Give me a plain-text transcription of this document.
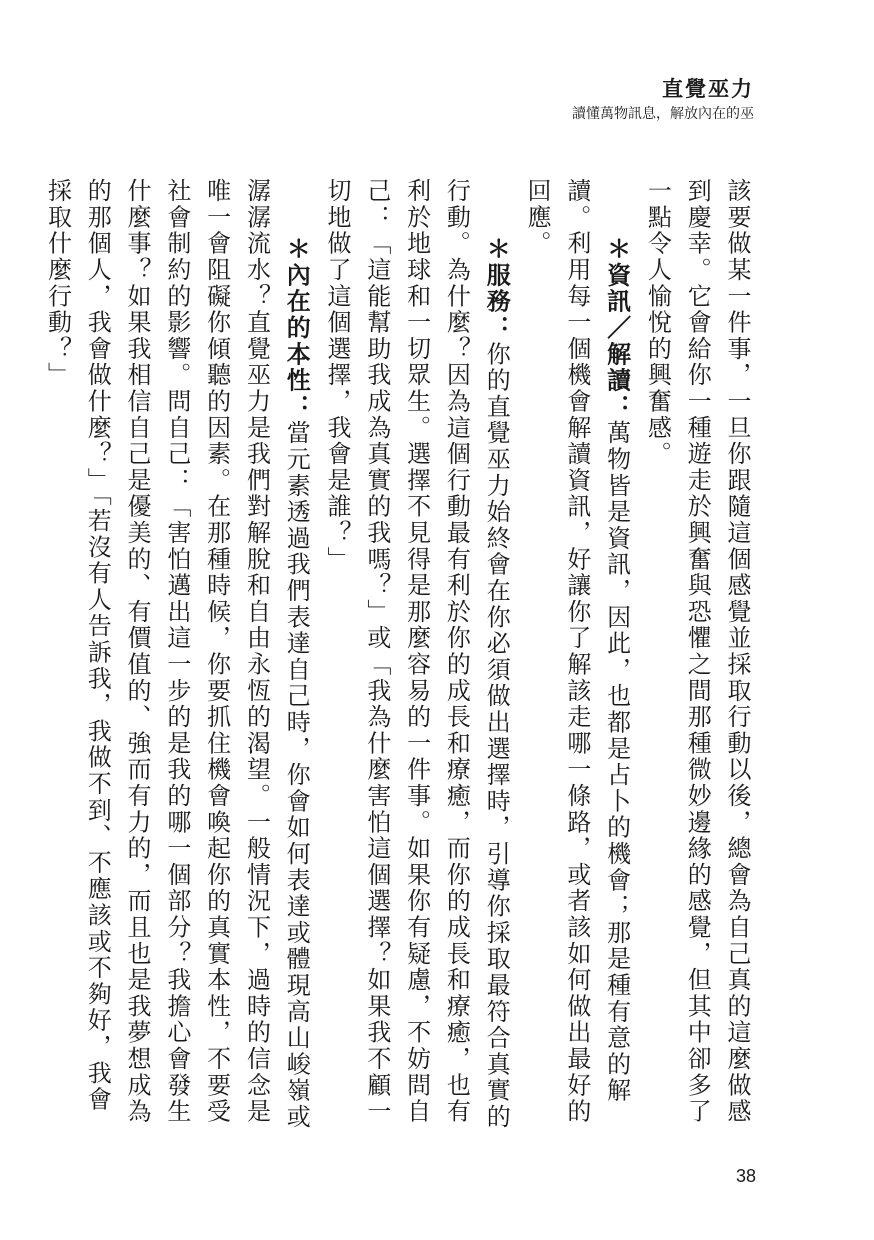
直覺巫力
讀懂萬物訊息，解放內在的巫

該要做某一件事，一旦你跟隨這個感覺並採取行動以後，總會為自己真的這麼做感到慶幸。它會給你一種遊走於興奮與恐懼之間那種微妙邊緣的感覺，但其中卻多了一點令人愉悅的興奮感。

＊資訊／解讀：萬物皆是資訊，因此，也都是占卜的機會；那是種有意的解讀。利用每一個機會解讀資訊，好讓你了解該走哪一條路，或者該如何做出最好的回應。

＊服務：你的直覺巫力始終會在你必須做出選擇時，引導你採取最符合真實的行動。為什麼？因為這個行動最有利於你的成長和療癒，而你的成長和療癒，也有利於地球和一切眾生。選擇不見得是那麼容易的一件事。如果你有疑慮，不妨問自己：「這能幫助我成為真實的我嗎？」或「我為什麼害怕這個選擇？如果我不顧一切地做了這個選擇，我會是誰？」

＊內在的本性：當元素透過我們表達自己時，你會如何表達或體現高山峻嶺或潺潺流水？直覺巫力是我們對解脫和自由永恆的渴望。一般情況下，過時的信念是唯一會阻礙你傾聽的因素。在那種時候，你要抓住機會喚起你的真實本性，不要受社會制約的影響。問自己：「害怕邁出這一步的是我的哪一個部分？我擔心會發生什麼事？如果我相信自己是優美的、有價值的、強而有力的，而且也是我夢想成為的那個人，我會做什麼？」「若沒有人告訴我，我做不到、不應該或不夠好，我會採取什麼行動？」

38
